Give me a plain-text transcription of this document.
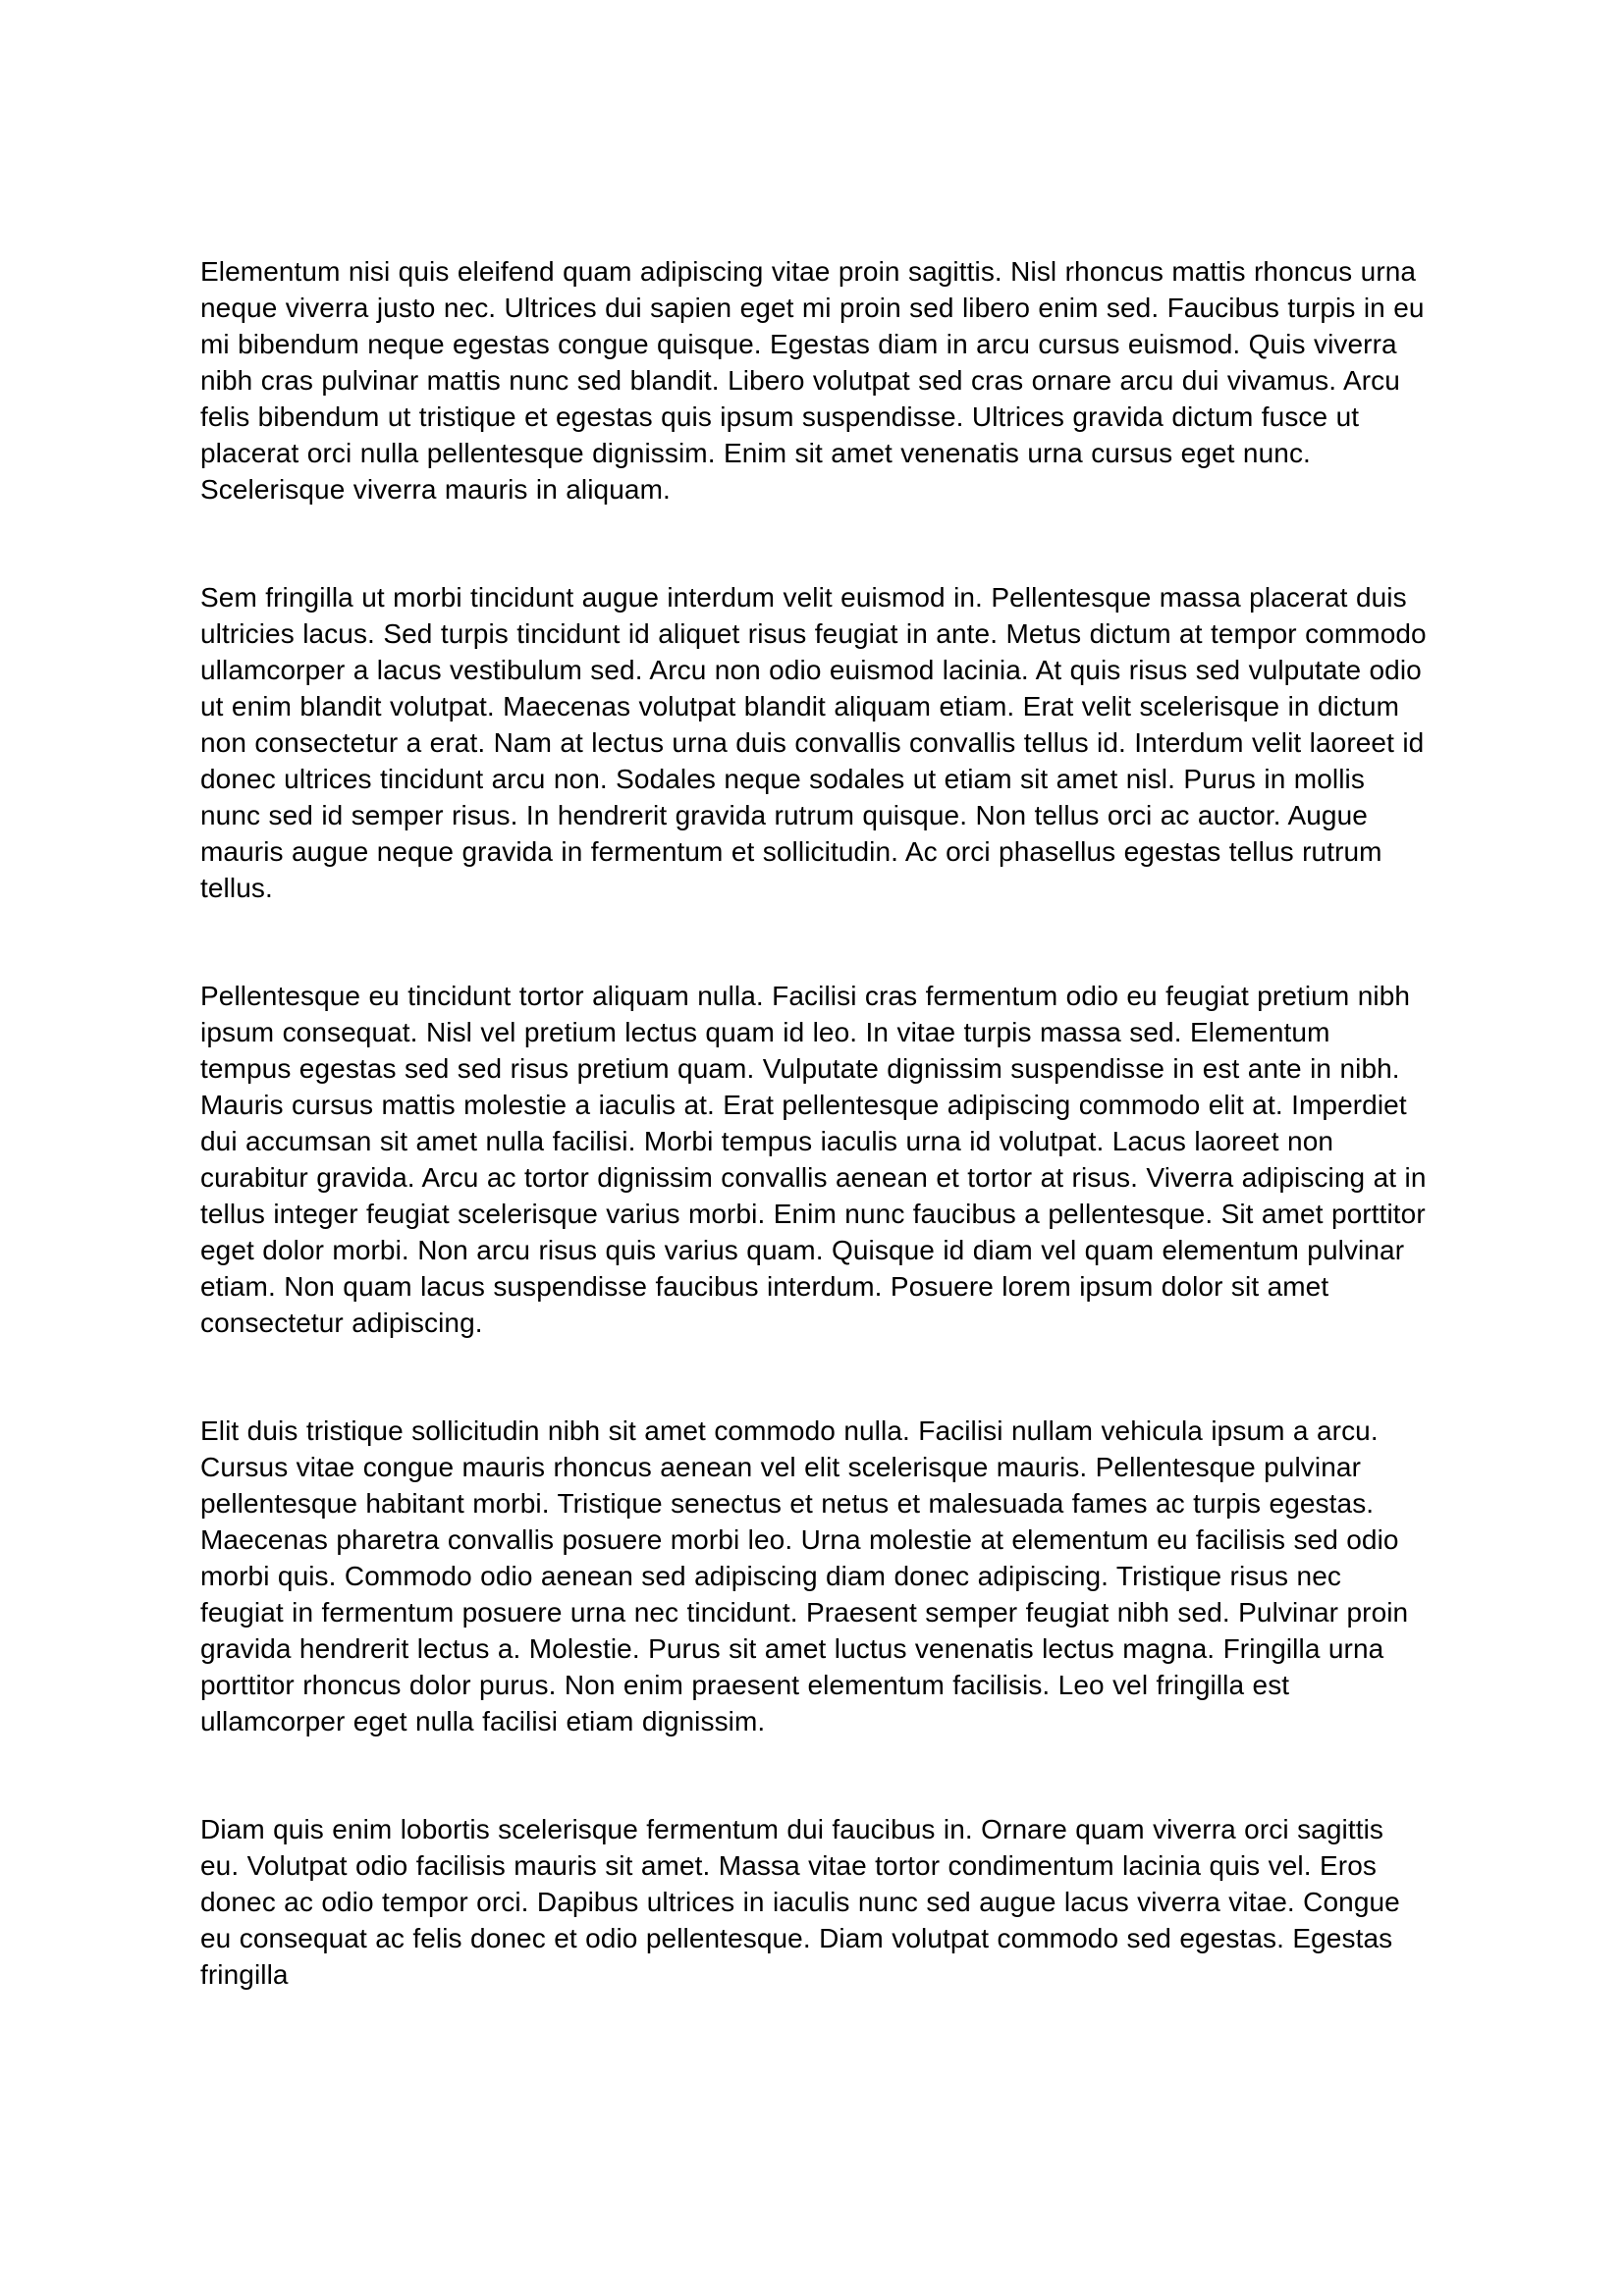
Elementum nisi quis eleifend quam adipiscing vitae proin sagittis. Nisl rhoncus mattis rhoncus urna neque viverra justo nec. Ultrices dui sapien eget mi proin sed libero enim sed. Faucibus turpis in eu mi bibendum neque egestas congue quisque. Egestas diam in arcu cursus euismod. Quis viverra nibh cras pulvinar mattis nunc sed blandit. Libero volutpat sed cras ornare arcu dui vivamus. Arcu felis bibendum ut tristique et egestas quis ipsum suspendisse. Ultrices gravida dictum fusce ut placerat orci nulla pellentesque dignissim. Enim sit amet venenatis urna cursus eget nunc. Scelerisque viverra mauris in aliquam.

Sem fringilla ut morbi tincidunt augue interdum velit euismod in. Pellentesque massa placerat duis ultricies lacus. Sed turpis tincidunt id aliquet risus feugiat in ante. Metus dictum at tempor commodo ullamcorper a lacus vestibulum sed. Arcu non odio euismod lacinia. At quis risus sed vulputate odio ut enim blandit volutpat. Maecenas volutpat blandit aliquam etiam. Erat velit scelerisque in dictum non consectetur a erat. Nam at lectus urna duis convallis convallis tellus id. Interdum velit laoreet id donec ultrices tincidunt arcu non. Sodales neque sodales ut etiam sit amet nisl. Purus in mollis nunc sed id semper risus. In hendrerit gravida rutrum quisque. Non tellus orci ac auctor. Augue mauris augue neque gravida in fermentum et sollicitudin. Ac orci phasellus egestas tellus rutrum tellus.

Pellentesque eu tincidunt tortor aliquam nulla. Facilisi cras fermentum odio eu feugiat pretium nibh ipsum consequat. Nisl vel pretium lectus quam id leo. In vitae turpis massa sed. Elementum tempus egestas sed sed risus pretium quam. Vulputate dignissim suspendisse in est ante in nibh. Mauris cursus mattis molestie a iaculis at. Erat pellentesque adipiscing commodo elit at. Imperdiet dui accumsan sit amet nulla facilisi. Morbi tempus iaculis urna id volutpat. Lacus laoreet non curabitur gravida. Arcu ac tortor dignissim convallis aenean et tortor at risus. Viverra adipiscing at in tellus integer feugiat scelerisque varius morbi. Enim nunc faucibus a pellentesque. Sit amet porttitor eget dolor morbi. Non arcu risus quis varius quam. Quisque id diam vel quam elementum pulvinar etiam. Non quam lacus suspendisse faucibus interdum. Posuere lorem ipsum dolor sit amet consectetur adipiscing.

Elit duis tristique sollicitudin nibh sit amet commodo nulla. Facilisi nullam vehicula ipsum a arcu. Cursus vitae congue mauris rhoncus aenean vel elit scelerisque mauris. Pellentesque pulvinar pellentesque habitant morbi. Tristique senectus et netus et malesuada fames ac turpis egestas. Maecenas pharetra convallis posuere morbi leo. Urna molestie at elementum eu facilisis sed odio morbi quis. Commodo odio aenean sed adipiscing diam donec adipiscing. Tristique risus nec feugiat in fermentum posuere urna nec tincidunt. Praesent semper feugiat nibh sed. Pulvinar proin gravida hendrerit lectus a. Molestie. Purus sit amet luctus venenatis lectus magna. Fringilla urna porttitor rhoncus dolor purus. Non enim praesent elementum facilisis. Leo vel fringilla est ullamcorper eget nulla facilisi etiam dignissim.

Diam quis enim lobortis scelerisque fermentum dui faucibus in. Ornare quam viverra orci sagittis eu. Volutpat odio facilisis mauris sit amet. Massa vitae tortor condimentum lacinia quis vel. Eros donec ac odio tempor orci. Dapibus ultrices in iaculis nunc sed augue lacus viverra vitae. Congue eu consequat ac felis donec et odio pellentesque. Diam volutpat commodo sed egestas. Egestas fringilla
